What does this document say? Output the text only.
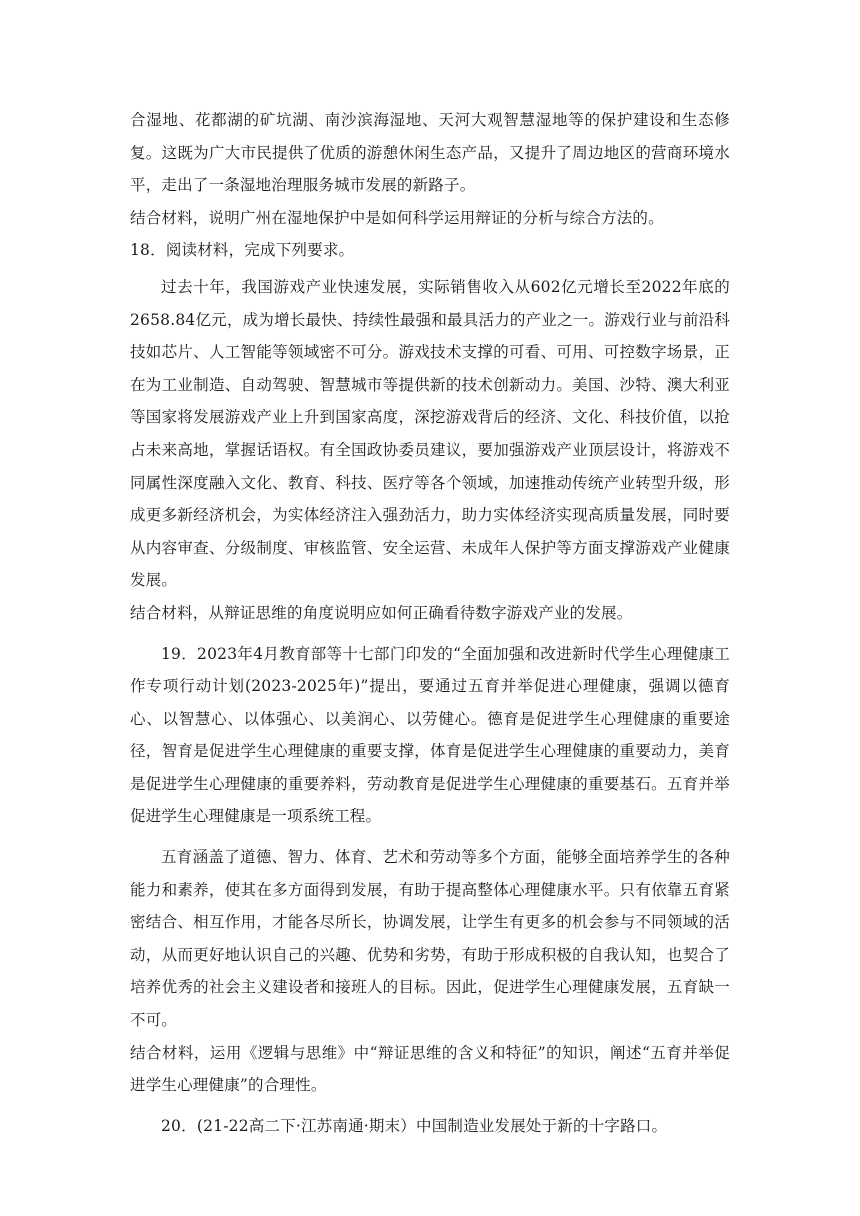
合湿地、花都湖的矿坑湖、南沙滨海湿地、天河大观智慧湿地等的保护建设和生态修复。这既为广大市民提供了优质的游憩休闲生态产品，又提升了周边地区的营商环境水平，走出了一条湿地治理服务城市发展的新路子。

结合材料，说明广州在湿地保护中是如何科学运用辩证的分析与综合方法的。

18．阅读材料，完成下列要求。

过去十年，我国游戏产业快速发展，实际销售收入从602亿元增长至2022年底的2658.84亿元，成为增长最快、持续性最强和最具活力的产业之一。游戏行业与前沿科技如芯片、人工智能等领域密不可分。游戏技术支撑的可看、可用、可控数字场景，正在为工业制造、自动驾驶、智慧城市等提供新的技术创新动力。美国、沙特、澳大利亚等国家将发展游戏产业上升到国家高度，深挖游戏背后的经济、文化、科技价值，以抢占未来高地，掌握话语权。有全国政协委员建议，要加强游戏产业顶层设计，将游戏不同属性深度融入文化、教育、科技、医疗等各个领域，加速推动传统产业转型升级，形成更多新经济机会，为实体经济注入强劲活力，助力实体经济实现高质量发展，同时要从内容审查、分级制度、审核监管、安全运营、未成年人保护等方面支撑游戏产业健康发展。

结合材料，从辩证思维的角度说明应如何正确看待数字游戏产业的发展。

19．2023年4月教育部等十七部门印发的“全面加强和改进新时代学生心理健康工作专项行动计划(2023-2025年)”提出，要通过五育并举促进心理健康，强调以德育心、以智慧心、以体强心、以美润心、以劳健心。德育是促进学生心理健康的重要途径，智育是促进学生心理健康的重要支撑，体育是促进学生心理健康的重要动力，美育是促进学生心理健康的重要养料，劳动教育是促进学生心理健康的重要基石。五育并举促进学生心理健康是一项系统工程。

五育涵盖了道德、智力、体育、艺术和劳动等多个方面，能够全面培养学生的各种能力和素养，使其在多方面得到发展，有助于提高整体心理健康水平。只有依靠五育紧密结合、相互作用，才能各尽所长，协调发展，让学生有更多的机会参与不同领域的活动，从而更好地认识自己的兴趣、优势和劣势，有助于形成积极的自我认知，也契合了培养优秀的社会主义建设者和接班人的目标。因此，促进学生心理健康发展，五育缺一不可。

结合材料，运用《逻辑与思维》中“辩证思维的含义和特征”的知识，阐述“五育并举促进学生心理健康”的合理性。

20．(21-22高二下·江苏南通·期末）中国制造业发展处于新的十字路口。
